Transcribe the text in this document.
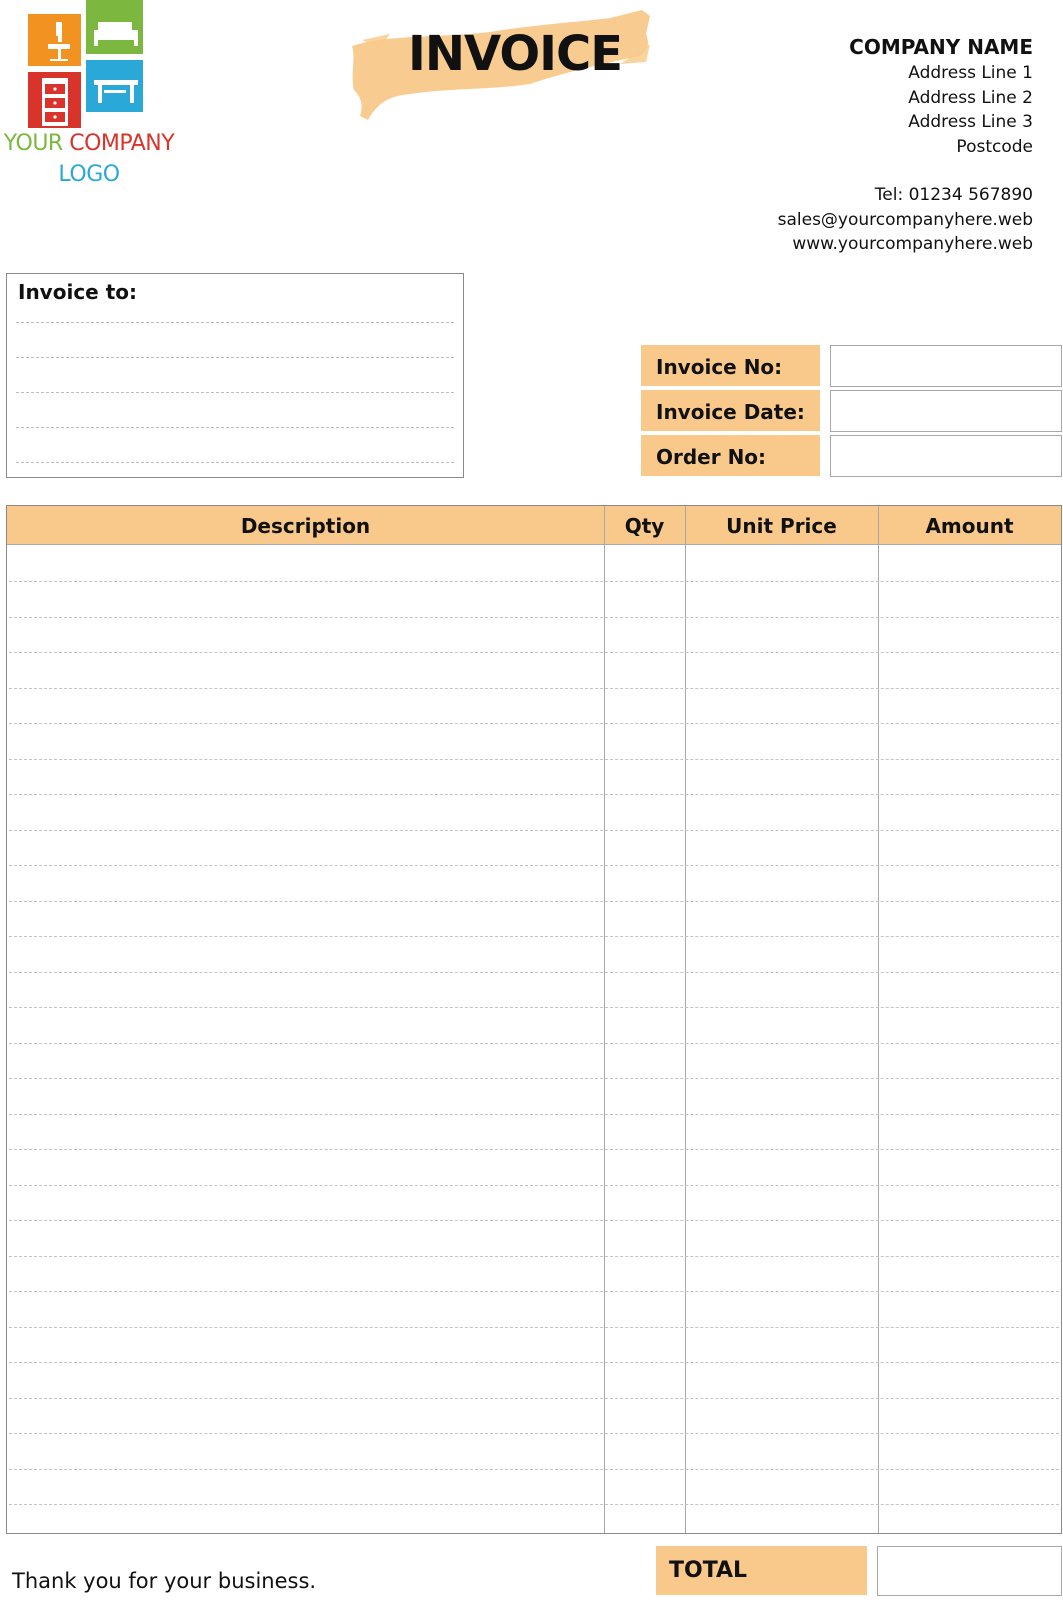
YOUR COMPANY
LOGO
INVOICE	COMPANY NAME
Address Line 1
Address Line 2
Address Line 3
Postcode
Tel: 01234 567890
sales@yourcompanyhere.web
www.yourcompanyhere.web
Invoice to:
Invoice No:
Invoice Date:
Order No:
Description	Qty	Unit Price	Amount
Thank you for your business.	TOTAL
